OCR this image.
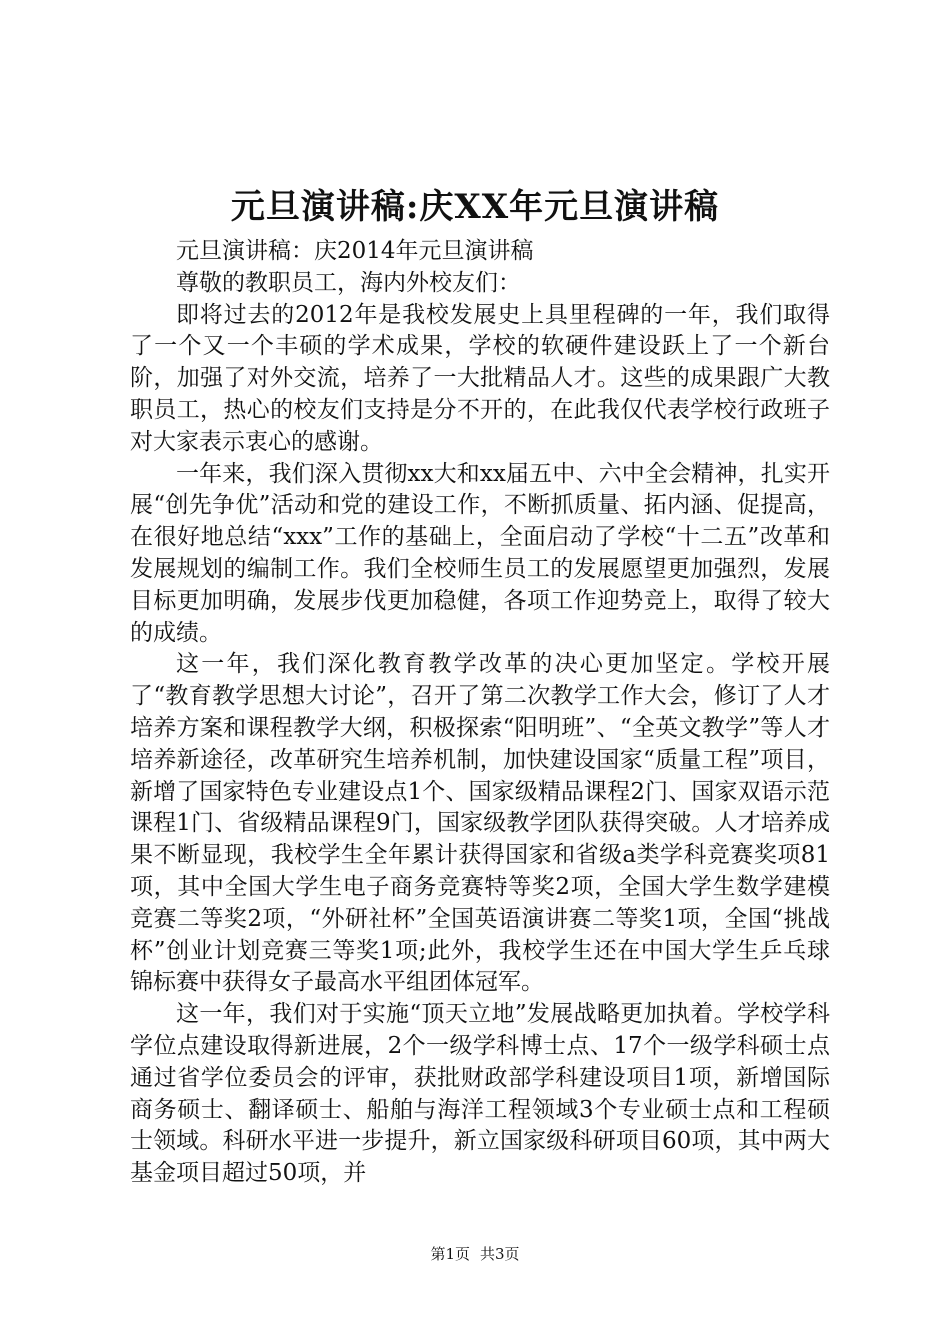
元旦演讲稿:庆XX年元旦演讲稿

元旦演讲稿：庆2014年元旦演讲稿

尊敬的教职员工，海内外校友们：

即将过去的2012年是我校发展史上具里程碑的一年，我们取得了一个又一个丰硕的学术成果，学校的软硬件建设跃上了一个新台阶，加强了对外交流，培养了一大批精品人才。这些的成果跟广大教职员工，热心的校友们支持是分不开的，在此我仅代表学校行政班子对大家表示衷心的感谢。

一年来，我们深入贯彻xx大和xx届五中、六中全会精神，扎实开展“创先争优”活动和党的建设工作，不断抓质量、拓内涵、促提高，在很好地总结“xxx”工作的基础上，全面启动了学校“十二五”改革和发展规划的编制工作。我们全校师生员工的发展愿望更加强烈，发展目标更加明确，发展步伐更加稳健，各项工作迎势竞上，取得了较大的成绩。

这一年，我们深化教育教学改革的决心更加坚定。学校开展了“教育教学思想大讨论”，召开了第二次教学工作大会，修订了人才培养方案和课程教学大纲，积极探索“阳明班”、“全英文教学”等人才培养新途径，改革研究生培养机制，加快建设国家“质量工程”项目，新增了国家特色专业建设点1个、国家级精品课程2门、国家双语示范课程1门、省级精品课程9门，国家级教学团队获得突破。人才培养成果不断显现，我校学生全年累计获得国家和省级a类学科竞赛奖项81项，其中全国大学生电子商务竞赛特等奖2项，全国大学生数学建模竞赛二等奖2项，“外研社杯”全国英语演讲赛二等奖1项，全国“挑战杯”创业计划竞赛三等奖1项;此外，我校学生还在中国大学生乒乓球锦标赛中获得女子最高水平组团体冠军。

这一年，我们对于实施“顶天立地”发展战略更加执着。学校学科学位点建设取得新进展，2个一级学科博士点、17个一级学科硕士点通过省学位委员会的评审，获批财政部学科建设项目1项，新增国际商务硕士、翻译硕士、船舶与海洋工程领域3个专业硕士点和工程硕士领域。科研水平进一步提升，新立国家级科研项目60项，其中两大基金项目超过50项，并

第1页 共3页
